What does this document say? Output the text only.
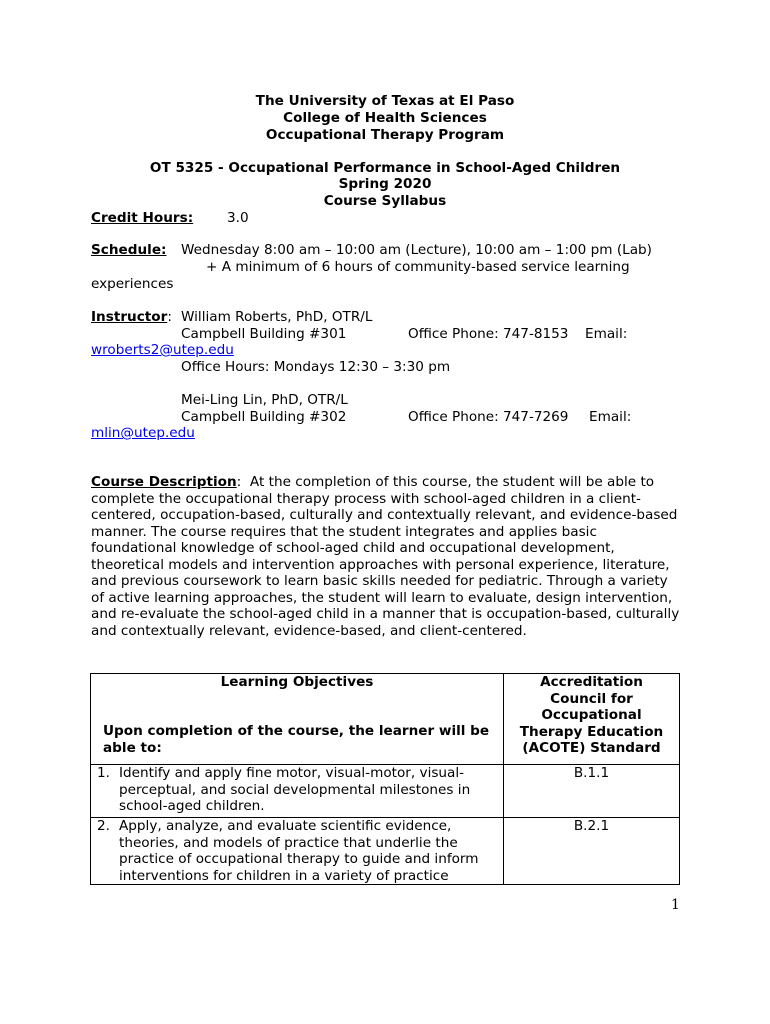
The University of Texas at El Paso
College of Health Sciences
Occupational Therapy Program
OT 5325 - Occupational Performance in School-Aged Children
Spring 2020
Course Syllabus
Credit Hours: 3.0
Schedule: Wednesday 8:00 am – 10:00 am (Lecture), 10:00 am – 1:00 pm (Lab)
+ A minimum of 6 hours of community-based service learning
experiences
Instructor: William Roberts, PhD, OTR/L
Campbell Building #301	Office Phone: 747-8153 Email:
wroberts2@utep.edu
Office Hours: Mondays 12:30 – 3:30 pm
Mei-Ling Lin, PhD, OTR/L
Campbell Building #302	Office Phone: 747-7269 Email:
mlin@utep.edu
Course Description:  At the completion of this course, the student will be able to complete the occupational therapy process with school-aged children in a client-centered, occupation-based, culturally and contextually relevant, and evidence-based manner. The course requires that the student integrates and applies basic foundational knowledge of school-aged child and occupational development, theoretical models and intervention approaches with personal experience, literature, and previous coursework to learn basic skills needed for pediatric. Through a variety of active learning approaches, the student will learn to evaluate, design intervention, and re-evaluate the school-aged child in a manner that is occupation-based, culturally and contextually relevant, evidence-based, and client-centered.
Learning Objectives
Upon completion of the course, the learner will be able to:	Accreditation Council for Occupational Therapy Education (ACOTE) Standard

1. Identify and apply fine motor, visual-motor, visual-perceptual, and social developmental milestones in school-aged children.	B.1.1

2. Apply, analyze, and evaluate scientific evidence, theories, and models of practice that underlie the practice of occupational therapy to guide and inform interventions for children in a variety of practice	B.2.1
1
